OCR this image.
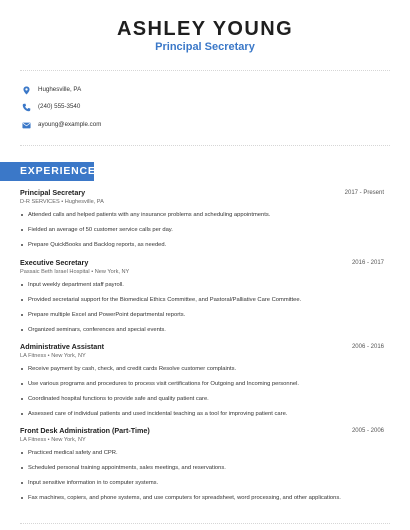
ASHLEY YOUNG
Principal Secretary
Hughesville, PA
(240) 555-3540
ayoung@example.com
EXPERIENCE
Principal Secretary	2017 - Present
D-R SERVICES • Hughesville, PA
Attended calls and helped patients with any insurance problems and scheduling appointments.
Fielded an average of 50 customer service calls per day.
Prepare QuickBooks and Backlog reports, as needed.
Executive Secretary	2016 - 2017
Passaic Beth Israel Hospital • New York, NY
Input weekly department staff payroll.
Provided secretarial support for the Biomedical Ethics Committee, and Pastoral/Palliative Care Committee.
Prepare multiple Excel and PowerPoint departmental reports.
Organized seminars, conferences and special events.
Administrative Assistant	2006 - 2016
LA Fitness • New York, NY
Receive payment by cash, check, and credit cards Resolve customer complaints.
Use various programs and procedures to process visit certifications for Outgoing and Incoming personnel.
Coordinated hospital functions to provide safe and quality patient care.
Assessed care of individual patients and used incidental teaching as a tool for improving patient care.
Front Desk Administration (Part-Time)	2005 - 2006
LA Fitness • New York, NY
Practiced medical safety and CPR.
Scheduled personal training appointments, sales meetings, and reservations.
Input sensitive information in to computer systems.
Fax machines, copiers, and phone systems, and use computers for spreadsheet, word processing, and other applications.
